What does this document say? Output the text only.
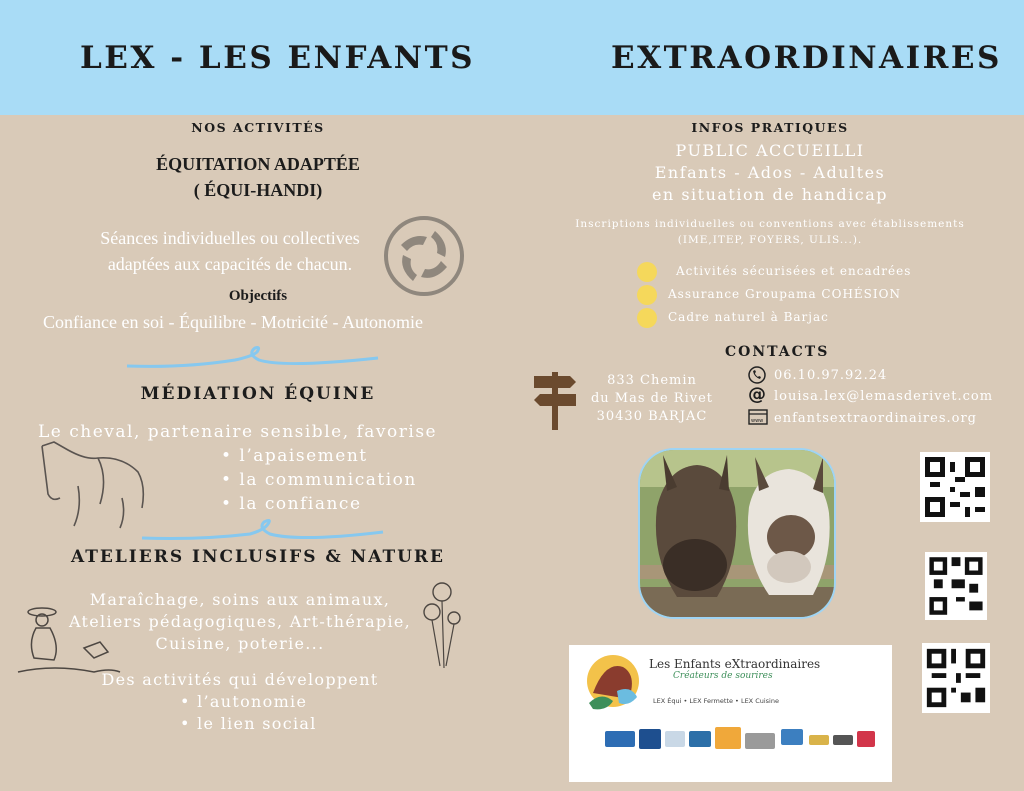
LEX - LES ENFANTS	EXTRAORDINAIRES
NOS ACTIVITÉS
ÉQUITATION ADAPTÉE
( ÉQUI-HANDI)
Séances individuelles ou collectives
adaptées aux capacités de chacun.
Objectifs
Confiance en soi - Équilibre - Motricité - Autonomie
MÉDIATION ÉQUINE
Le cheval, partenaire sensible, favorise
• l’apaisement
• la communication
• la confiance
ATELIERS INCLUSIFS & NATURE
Maraîchage, soins aux animaux,
Ateliers pédagogiques, Art-thérapie,
Cuisine, poterie...
Des activités qui développent
• l’autonomie
• le lien social
INFOS PRATIQUES
PUBLIC ACCUEILLI
Enfants - Ados - Adultes
en situation de handicap
Inscriptions individuelles ou conventions avec établissements
(IME,ITEP, FOYERS, ULIS...).
Activités sécurisées et encadrées
Assurance Groupama COHÉSION
Cadre naturel à Barjac
CONTACTS
833 Chemin
du Mas de Rivet
30430 BARJAC
06.10.97.92.24
@ louisa.lex@lemasderivet.com
www enfantsextraordinaires.org
Les Enfants eXtraordinaires
Créateurs de sourires
LEX Équi • LEX Fermette • LEX Cuisine
